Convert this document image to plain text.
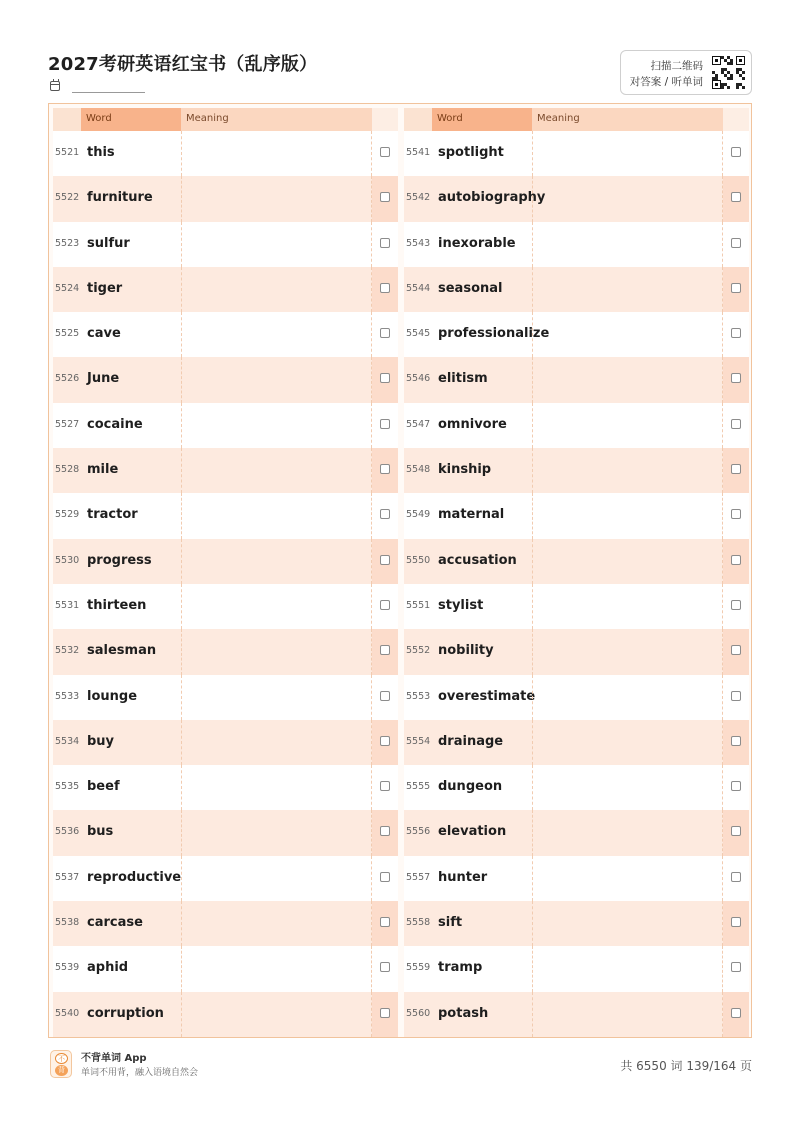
2027考研英语红宝书（乱序版）	扫描二维码
对答案 / 听单词
Word	Meaning
5521 this
5522 furniture
5523 sulfur
5524 tiger
5525 cave
5526 June
5527 cocaine
5528 mile
5529 tractor
5530 progress
5531 thirteen
5532 salesman
5533 lounge
5534 buy
5535 beef
5536 bus
5537 reproductive
5538 carcase
5539 aphid
5540 corruption
Word	Meaning
5541 spotlight
5542 autobiography
5543 inexorable
5544 seasonal
5545 professionalize
5546 elitism
5547 omnivore
5548 kinship
5549 maternal
5550 accusation
5551 stylist
5552 nobility
5553 overestimate
5554 drainage
5555 dungeon
5556 elevation
5557 hunter
5558 sift
5559 tramp
5560 potash
不
背
不背单词 App
单词不用背，融入语境自然会	共 6550 词 139/164 页
